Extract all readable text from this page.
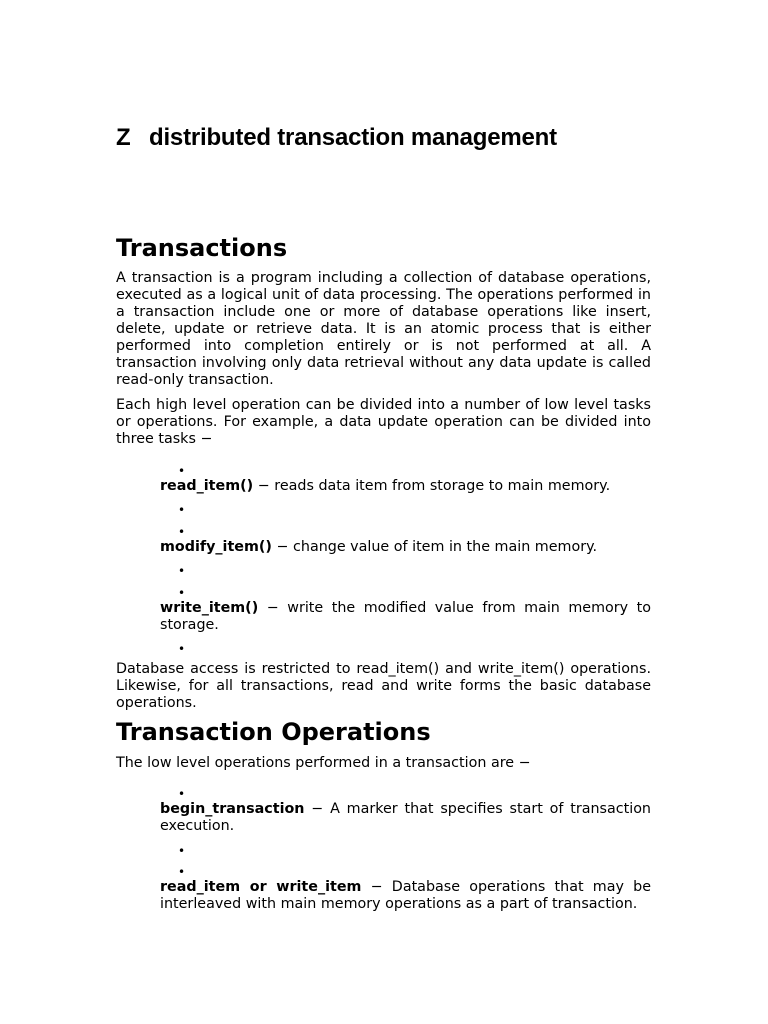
Z distributed transaction management
Transactions

A transaction is a program including a collection of database operations, executed as a logical unit of data processing. The operations performed in a transaction include one or more of database operations like insert, delete, update or retrieve data. It is an atomic process that is either performed into completion entirely or is not performed at all. A transaction involving only data retrieval without any data update is called read-only transaction.

Each high level operation can be divided into a number of low level tasks or operations. For example, a data update operation can be divided into three tasks −

•
read_item() − reads data item from storage to main memory.
•
•
modify_item() − change value of item in the main memory.
•
•
write_item() − write the modified value from main memory to storage.
•

Database access is restricted to read_item() and write_item() operations. Likewise, for all transactions, read and write forms the basic database operations.

Transaction Operations

The low level operations performed in a transaction are −

•
begin_transaction − A marker that specifies start of transaction execution.
•
•
read_item or write_item − Database operations that may be interleaved with main memory operations as a part of transaction.
